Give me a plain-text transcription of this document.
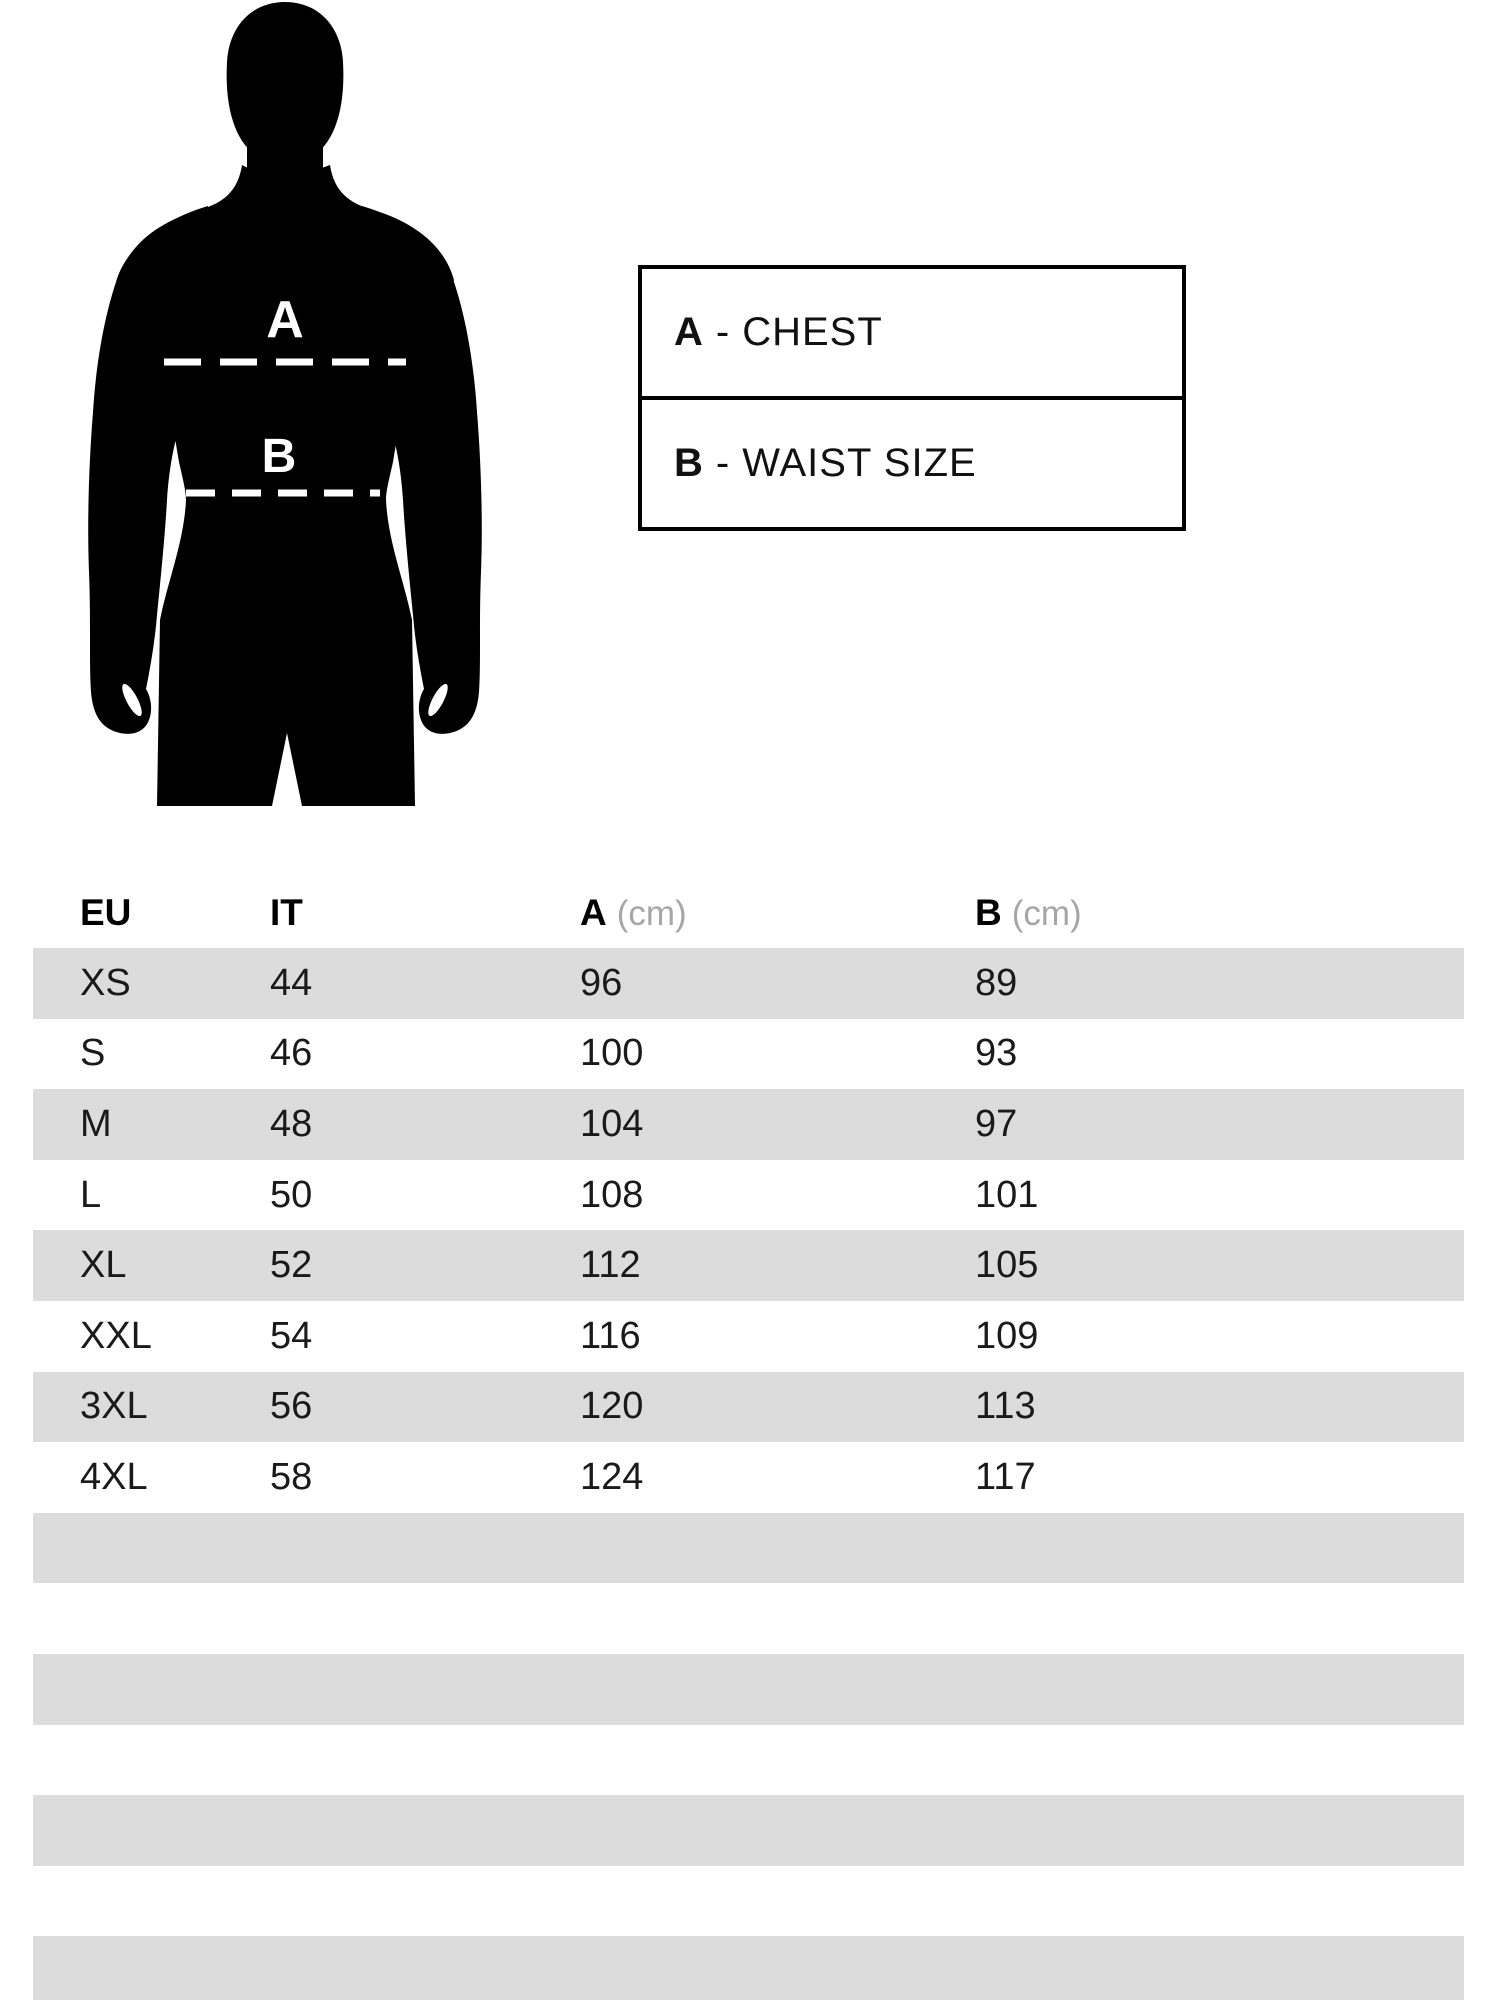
A
B
A - CHEST
B - WAIST SIZE
EU	IT	A (cm)	B (cm)
XS	44	96	89
S	46	100	93
M	48	104	97
L	50	108	101
XL	52	112	105
XXL	54	116	109
3XL	56	120	113
4XL	58	124	117
